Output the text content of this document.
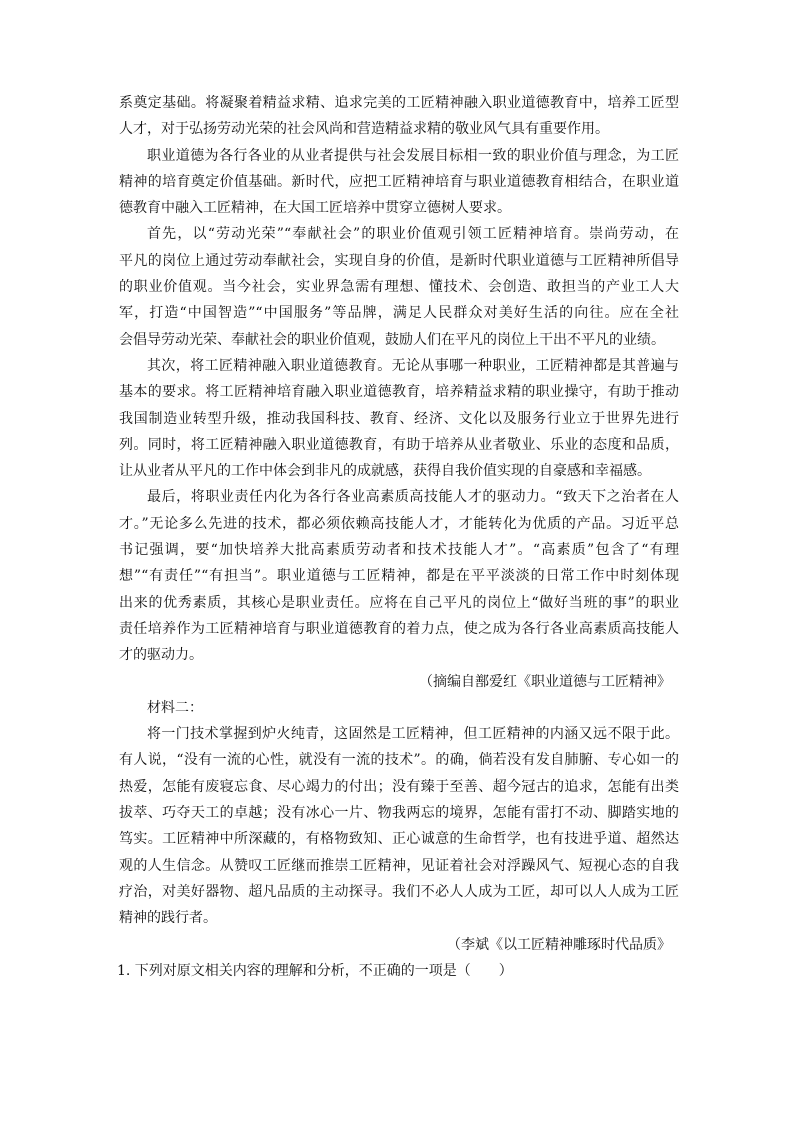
系奠定基础。将凝聚着精益求精、追求完美的工匠精神融入职业道德教育中，培养工匠型
人才，对于弘扬劳动光荣的社会风尚和营造精益求精的敬业风气具有重要作用。
职业道德为各行各业的从业者提供与社会发展目标相一致的职业价值与理念，为工匠
精神的培育奠定价值基础。新时代，应把工匠精神培育与职业道德教育相结合，在职业道
德教育中融入工匠精神，在大国工匠培养中贯穿立德树人要求。
首先，以“劳动光荣”“奉献社会”的职业价值观引领工匠精神培育。崇尚劳动，在
平凡的岗位上通过劳动奉献社会，实现自身的价值，是新时代职业道德与工匠精神所倡导
的职业价值观。当今社会，实业界急需有理想、懂技术、会创造、敢担当的产业工人大
军，打造“中国智造”“中国服务”等品牌，满足人民群众对美好生活的向往。应在全社
会倡导劳动光荣、奉献社会的职业价值观，鼓励人们在平凡的岗位上干出不平凡的业绩。
其次，将工匠精神融入职业道德教育。无论从事哪一种职业，工匠精神都是其普遍与
基本的要求。将工匠精神培育融入职业道德教育，培养精益求精的职业操守，有助于推动
我国制造业转型升级，推动我国科技、教育、经济、文化以及服务行业立于世界先进行
列。同时，将工匠精神融入职业道德教育，有助于培养从业者敬业、乐业的态度和品质，
让从业者从平凡的工作中体会到非凡的成就感，获得自我价值实现的自豪感和幸福感。
最后，将职业责任内化为各行各业高素质高技能人才的驱动力。“致天下之治者在人
才。”无论多么先进的技术，都必须依赖高技能人才，才能转化为优质的产品。习近平总
书记强调，要“加快培养大批高素质劳动者和技术技能人才”。“高素质”包含了“有理
想”“有责任”“有担当”。职业道德与工匠精神，都是在平平淡淡的日常工作中时刻体现
出来的优秀素质，其核心是职业责任。应将在自己平凡的岗位上“做好当班的事”的职业
责任培养作为工匠精神培育与职业道德教育的着力点，使之成为各行各业高素质高技能人
才的驱动力。
（摘编自鄯爱红《职业道德与工匠精神》
材料二：
将一门技术掌握到炉火纯青，这固然是工匠精神，但工匠精神的内涵又远不限于此。
有人说，“没有一流的心性，就没有一流的技术”。的确，倘若没有发自肺腑、专心如一的
热爱，怎能有废寝忘食、尽心竭力的付出；没有臻于至善、超今冠古的追求，怎能有出类
拔萃、巧夺天工的卓越；没有冰心一片、物我两忘的境界，怎能有雷打不动、脚踏实地的
笃实。工匠精神中所深藏的，有格物致知、正心诚意的生命哲学，也有技进乎道、超然达
观的人生信念。从赞叹工匠继而推崇工匠精神，见证着社会对浮躁风气、短视心态的自我
疗治，对美好器物、超凡品质的主动探寻。我们不必人人成为工匠，却可以人人成为工匠
精神的践行者。
（李斌《以工匠精神雕琢时代品质》
1. 下列对原文相关内容的理解和分析，不正确的一项是（　　）
